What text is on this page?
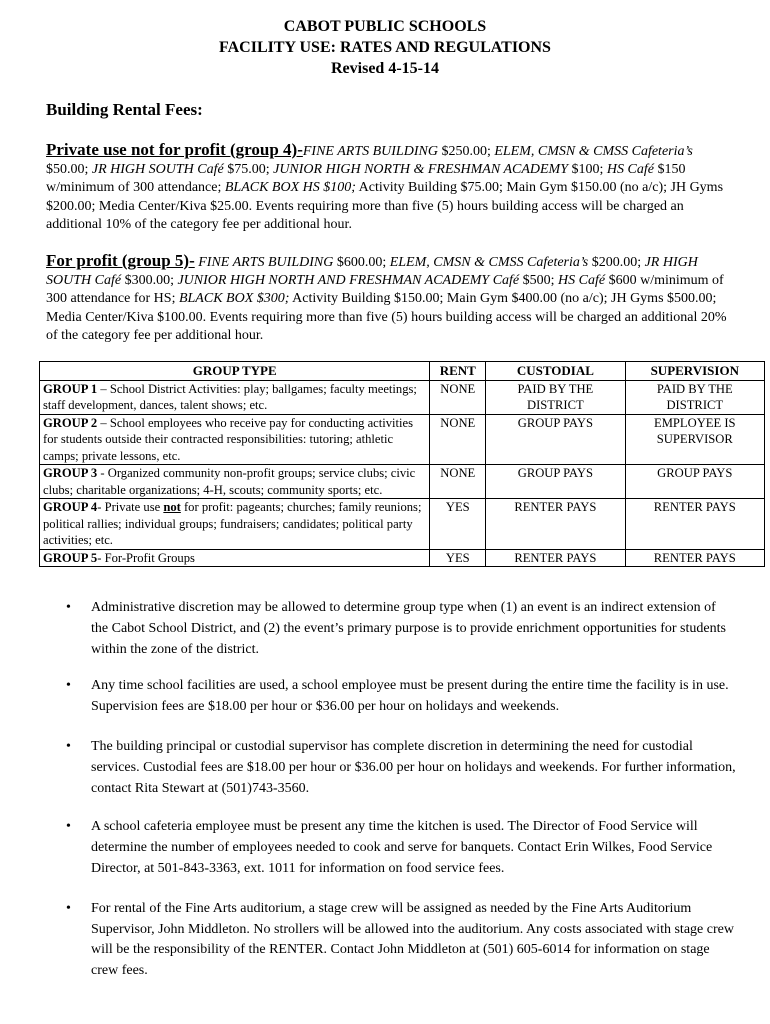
CABOT PUBLIC SCHOOLS
FACILITY USE: RATES AND REGULATIONS
Revised 4-15-14
Building Rental Fees:
Private use not for profit (group 4)-FINE ARTS BUILDING $250.00; ELEM, CMSN & CMSS Cafeteria’s $50.00; JR HIGH SOUTH Café $75.00; JUNIOR HIGH NORTH & FRESHMAN ACADEMY $100; HS Café $150 w/minimum of 300 attendance; BLACK BOX HS $100; Activity Building $75.00; Main Gym $150.00 (no a/c); JH Gyms $200.00; Media Center/Kiva $25.00. Events requiring more than five (5) hours building access will be charged an additional 10% of the category fee per additional hour.
For profit (group 5)- FINE ARTS BUILDING $600.00; ELEM, CMSN & CMSS Cafeteria’s $200.00; JR HIGH SOUTH Café $300.00; JUNIOR HIGH NORTH AND FRESHMAN ACADEMY Café $500; HS Café $600 w/minimum of 300 attendance for HS; BLACK BOX $300; Activity Building $150.00; Main Gym $400.00 (no a/c); JH Gyms $500.00; Media Center/Kiva $100.00. Events requiring more than five (5) hours building access will be charged an additional 20% of the category fee per additional hour.
GROUP TYPE	RENT	CUSTODIAL	SUPERVISION
GROUP 1 – School District Activities: play; ballgames; faculty meetings; staff development, dances, talent shows; etc.	NONE	PAID BY THE DISTRICT	PAID BY THE DISTRICT
GROUP 2 – School employees who receive pay for conducting activities for students outside their contracted responsibilities: tutoring; athletic camps; private lessons, etc.	NONE	GROUP PAYS	EMPLOYEE IS SUPERVISOR
GROUP 3 - Organized community non-profit groups; service clubs; civic clubs; charitable organizations; 4-H, scouts; community sports; etc.	NONE	GROUP PAYS	GROUP PAYS
GROUP 4- Private use not for profit: pageants; churches; family reunions; political rallies; individual groups; fundraisers; candidates; political party activities; etc.	YES	RENTER PAYS	RENTER PAYS
GROUP 5- For-Profit Groups	YES	RENTER PAYS	RENTER PAYS
• Administrative discretion may be allowed to determine group type when (1) an event is an indirect extension of the Cabot School District, and (2) the event’s primary purpose is to provide enrichment opportunities for students within the zone of the district.
• Any time school facilities are used, a school employee must be present during the entire time the facility is in use. Supervision fees are $18.00 per hour or $36.00 per hour on holidays and weekends.
• The building principal or custodial supervisor has complete discretion in determining the need for custodial services. Custodial fees are $18.00 per hour or $36.00 per hour on holidays and weekends. For further information, contact Rita Stewart at (501)743-3560.
• A school cafeteria employee must be present any time the kitchen is used. The Director of Food Service will determine the number of employees needed to cook and serve for banquets. Contact Erin Wilkes, Food Service Director, at 501-843-3363, ext. 1011 for information on food service fees.
• For rental of the Fine Arts auditorium, a stage crew will be assigned as needed by the Fine Arts Auditorium Supervisor, John Middleton. No strollers will be allowed into the auditorium. Any costs associated with stage crew will be the responsibility of the RENTER. Contact John Middleton at (501) 605-6014 for information on stage crew fees.
